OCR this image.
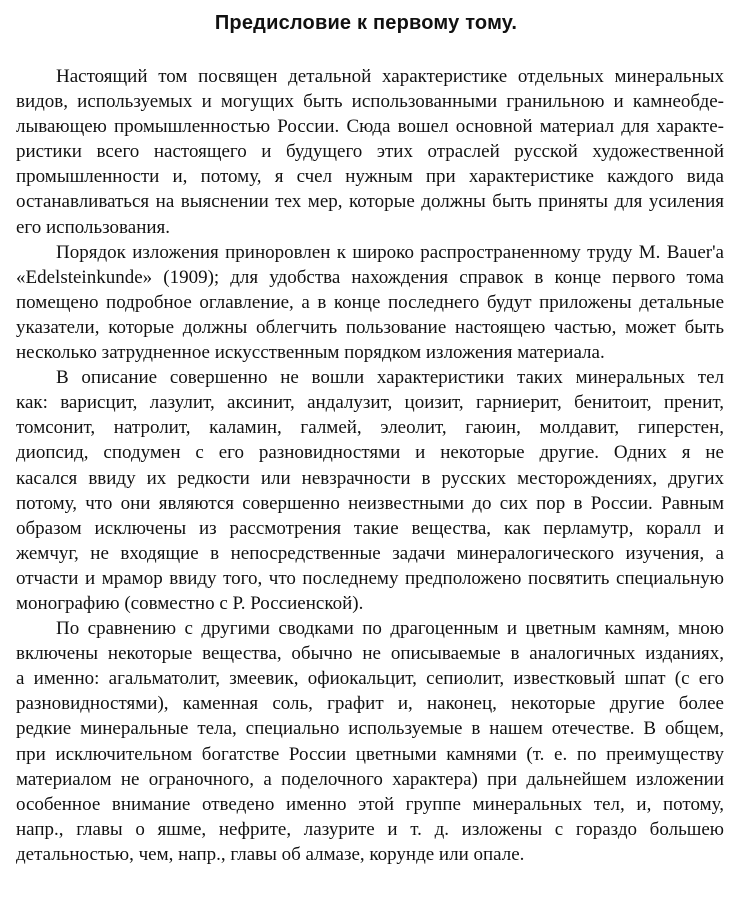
Предисловие к первому тому.
Настоящий том посвящен детальной характеристике отдельных минеральных
видов, используемых и могущих быть использованными гранильною и камнеобде-
лывающею промышленностью России. Сюда вошел основной материал для характе-
ристики всего настоящего и будущего этих отраслей русской художественной
промышленности и, потому, я счел нужным при характеристике каждого вида
останавливаться на выяснении тех мер, которые должны быть приняты для усиления
его использования.
Порядок изложения приноровлен к широко распространенному труду M. Bauer'a
«Edelsteinkunde» (1909); для удобства нахождения справок в конце первого тома
помещено подробное оглавление, а в конце последнего будут приложены детальные
указатели, которые должны облегчить пользование настоящею частью, может быть
несколько затрудненное искусственным порядком изложения материала.
В описание совершенно не вошли характеристики таких минеральных тел
как: варисцит, лазулит, аксинит, андалузит, цоизит, гарниерит, бенитоит, пренит,
томсонит, натролит, каламин, галмей, элеолит, гаюин, молдавит, гиперстен,
диопсид, сподумен с его разновидностями и некоторые другие. Одних я не
касался ввиду их редкости или невзрачности в русских месторождениях, других
потому, что они являются совершенно неизвестными до сих пор в России. Равным
образом исключены из рассмотрения такие вещества, как перламутр, коралл и
жемчуг, не входящие в непосредственные задачи минералогического изучения, а
отчасти и мрамор ввиду того, что последнему предположено посвятить специальную
монографию (совместно с Р. Россиенской).
По сравнению с другими сводками по драгоценным и цветным камням, мною
включены некоторые вещества, обычно не описываемые в аналогичных изданиях,
а именно: агальматолит, змеевик, офиокальцит, сепиолит, известковый шпат (с его
разновидностями), каменная соль, графит и, наконец, некоторые другие более
редкие минеральные тела, специально используемые в нашем отечестве. В общем,
при исключительном богатстве России цветными камнями (т. е. по преимуществу
материалом не ограночного, а поделочного характера) при дальнейшем изложении
особенное внимание отведено именно этой группе минеральных тел, и, потому,
напр., главы о яшме, нефрите, лазурите и т. д. изложены с гораздо большею
детальностью, чем, напр., главы об алмазе, корунде или опале.
